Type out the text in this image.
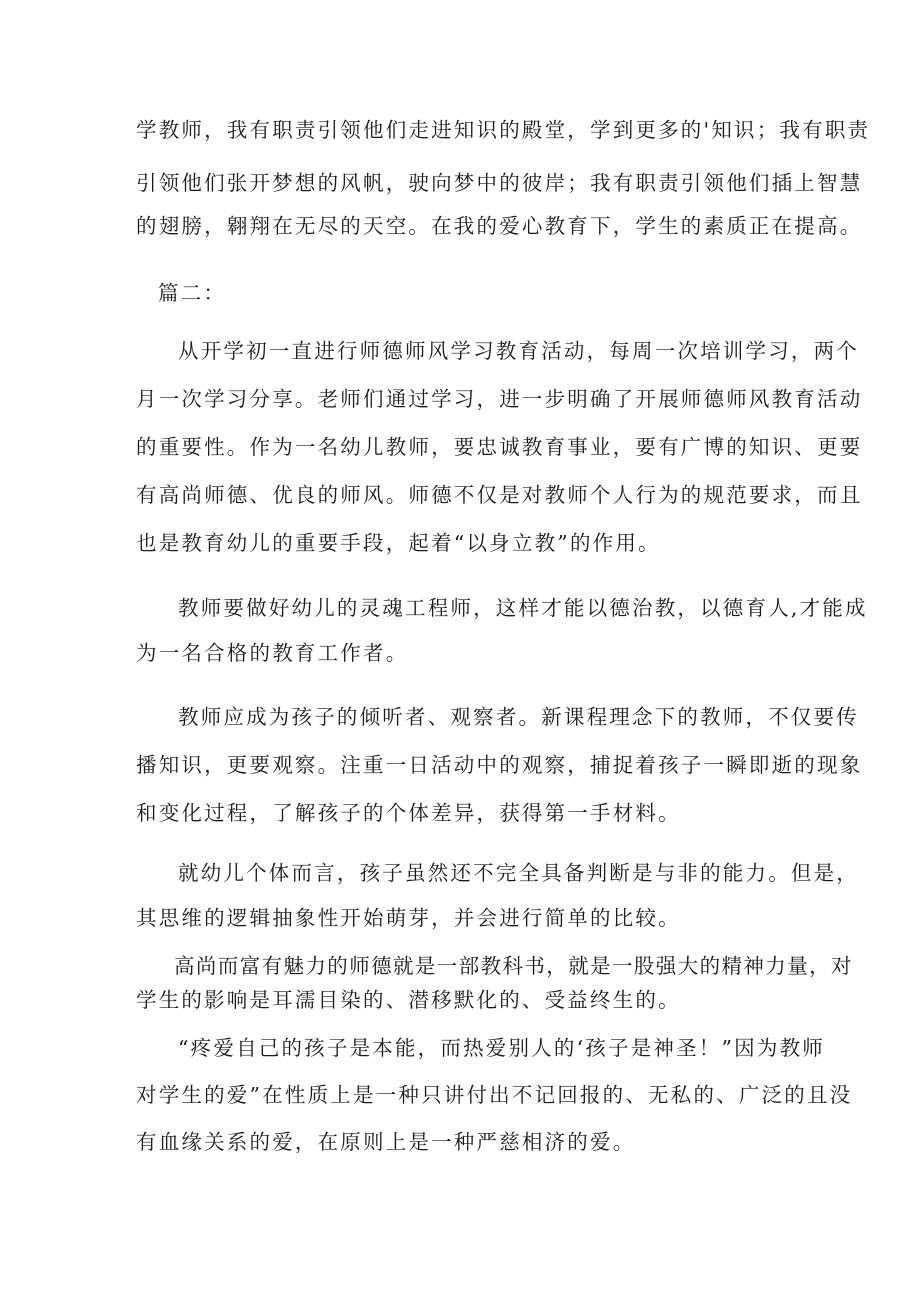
学教师，我有职责引领他们走进知识的殿堂，学到更多的'知识；我有职责
引领他们张开梦想的风帆，驶向梦中的彼岸；我有职责引领他们插上智慧
的翅膀，翱翔在无尽的天空。在我的爱心教育下，学生的素质正在提高。
篇二：
从开学初一直进行师德师风学习教育活动，每周一次培训学习，两个
月一次学习分享。老师们通过学习，进一步明确了开展师德师风教育活动
的重要性。作为一名幼儿教师，要忠诚教育事业，要有广博的知识、更要
有高尚师德、优良的师风。师德不仅是对教师个人行为的规范要求，而且
也是教育幼儿的重要手段，起着“以身立教”的作用。
教师要做好幼儿的灵魂工程师，这样才能以德治教，以德育人,才能成
为一名合格的教育工作者。
教师应成为孩子的倾听者、观察者。新课程理念下的教师，不仅要传
播知识，更要观察。注重一日活动中的观察，捕捉着孩子一瞬即逝的现象
和变化过程，了解孩子的个体差异，获得第一手材料。
就幼儿个体而言，孩子虽然还不完全具备判断是与非的能力。但是，
其思维的逻辑抽象性开始萌芽，并会进行简单的比较。
高尚而富有魅力的师德就是一部教科书，就是一股强大的精神力量，对
学生的影响是耳濡目染的、潜移默化的、受益终生的。
“疼爱自己的孩子是本能，而热爱别人的‘孩子是神圣！”因为教师
对学生的爱”在性质上是一种只讲付出不记回报的、无私的、广泛的且没
有血缘关系的爱，在原则上是一种严慈相济的爱。
